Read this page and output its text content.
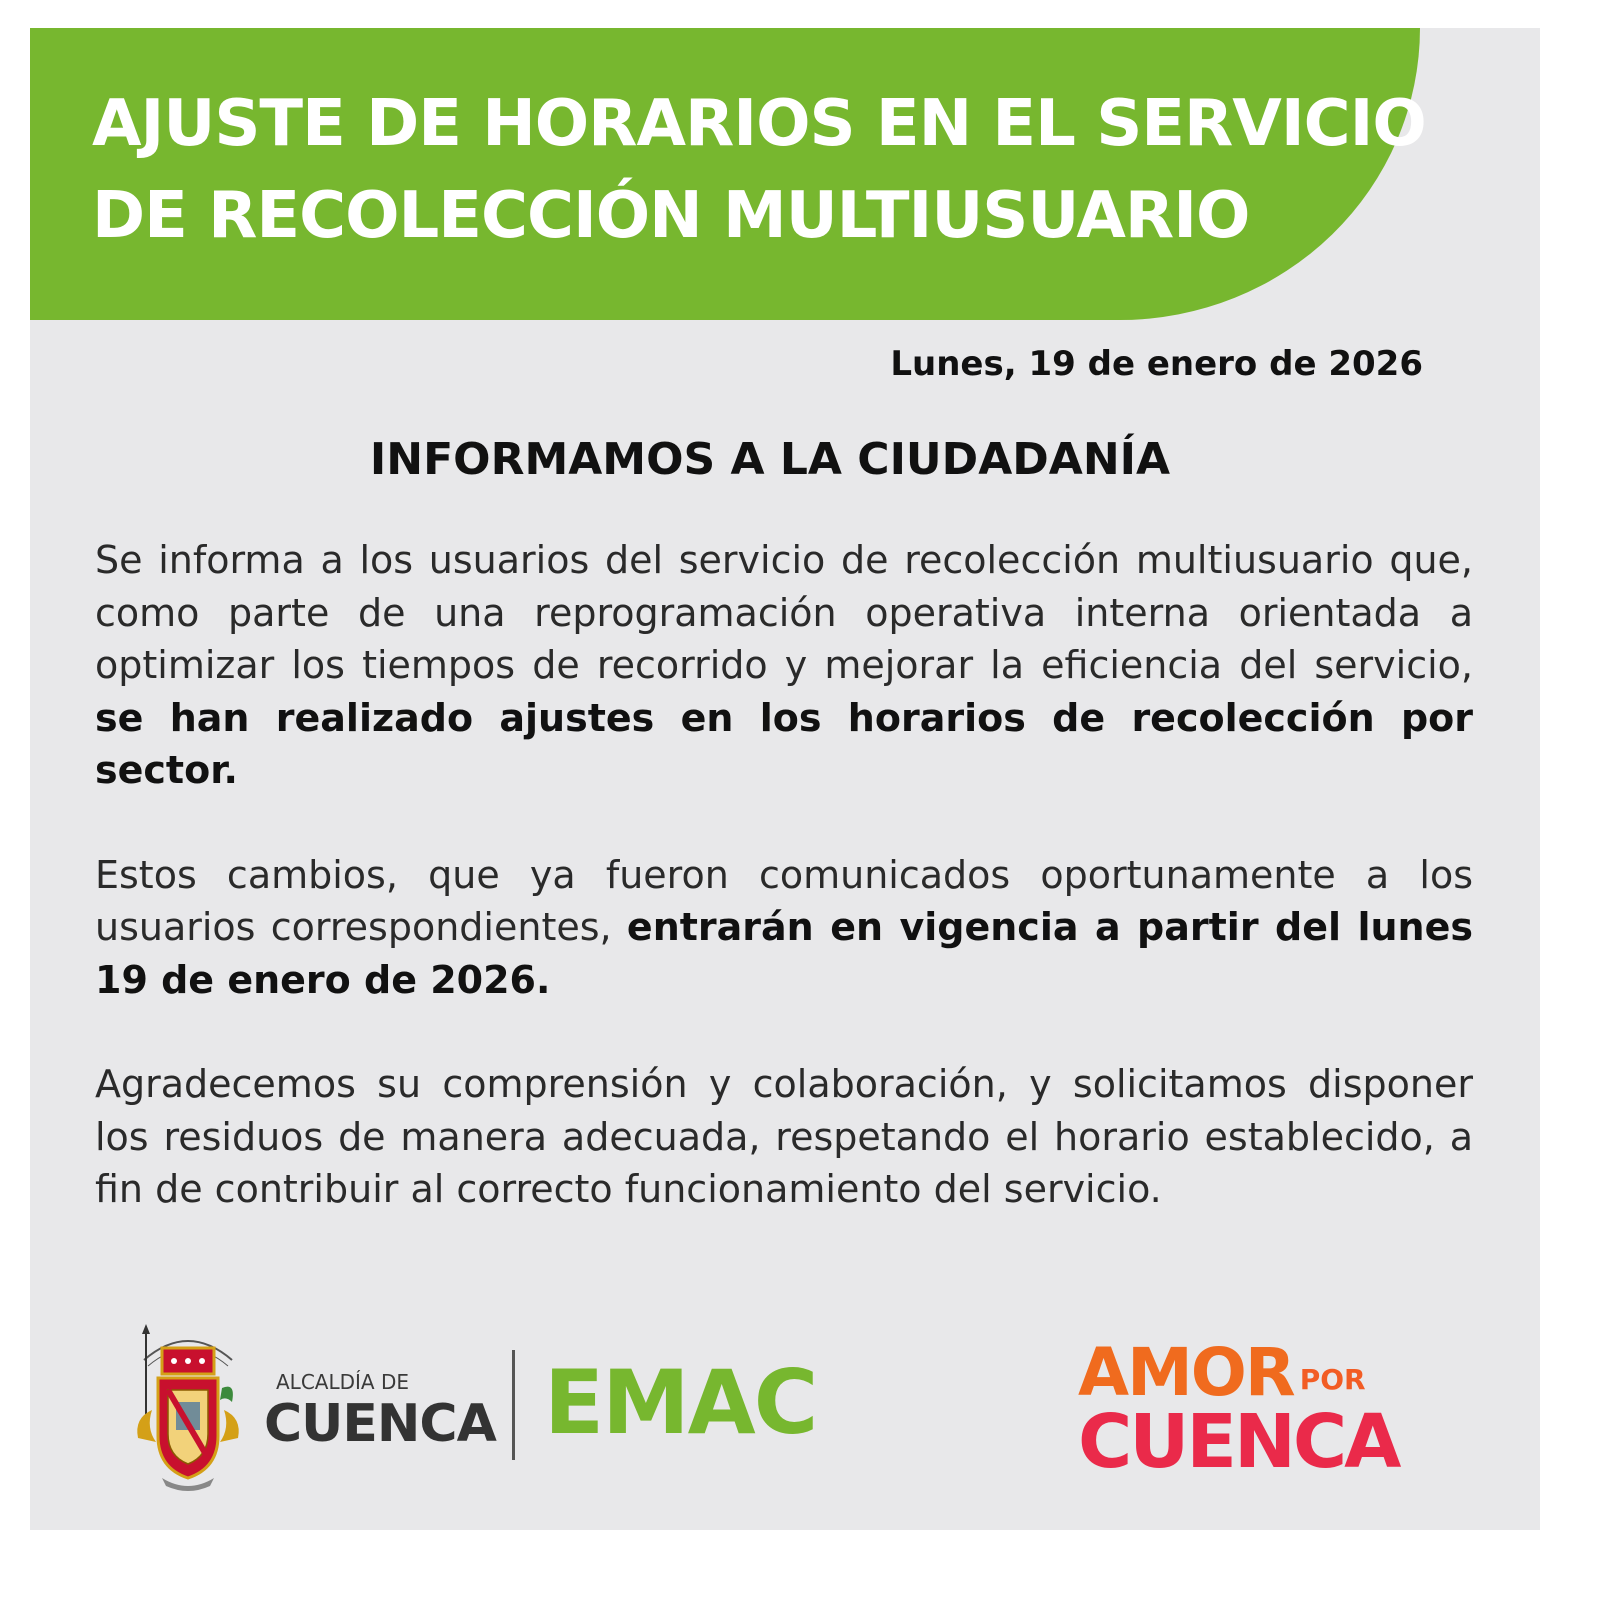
AJUSTE DE HORARIOS EN EL SERVICIO
DE RECOLECCIÓN MULTIUSUARIO

Lunes, 19 de enero de 2026

INFORMAMOS A LA CIUDADANÍA

Se informa a los usuarios del servicio de recolección multiusuario que, como parte de una reprogramación operativa interna orientada a optimizar los tiempos de recorrido y mejorar la eficiencia del servicio, se han realizado ajustes en los horarios de recolección por sector.

Estos cambios, que ya fueron comunicados oportunamente a los usuarios correspondientes, entrarán en vigencia a partir del lunes 19 de enero de 2026.

Agradecemos su comprensión y colaboración, y solicitamos disponer los residuos de manera adecuada, respetando el horario establecido, a fin de contribuir al correcto funcionamiento del servicio.

ALCALDÍA DE
CUENCA EMAC	AMOR POR
CUENCA
